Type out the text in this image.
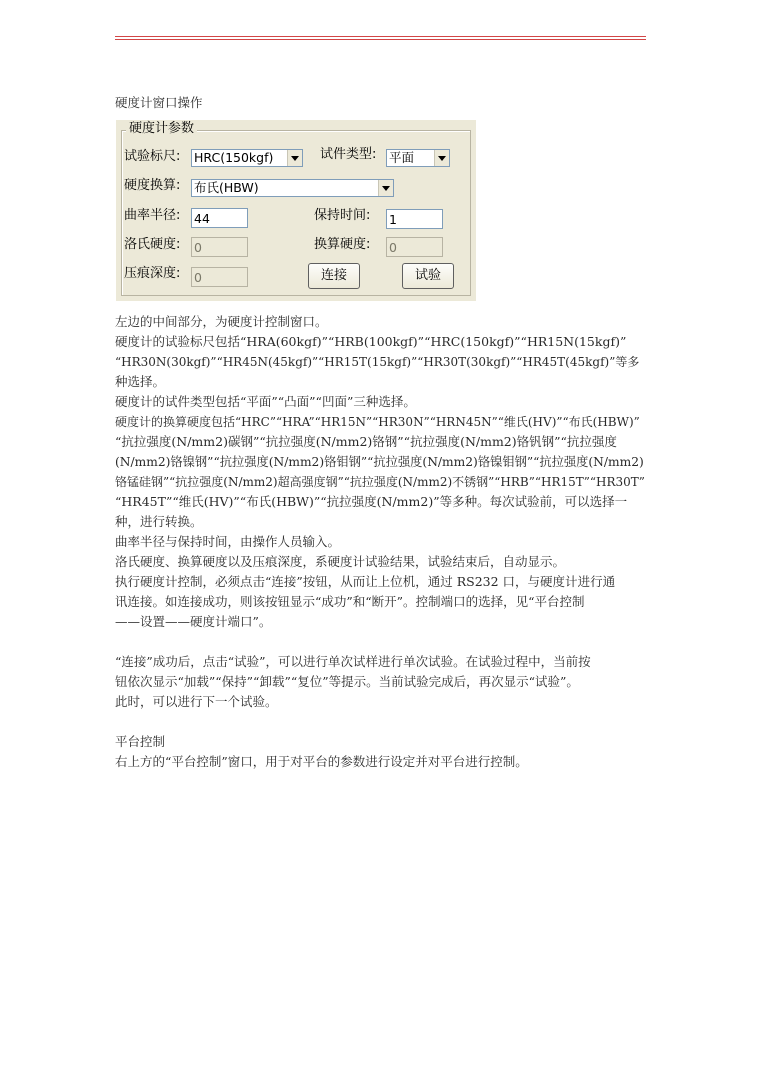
硬度计窗口操作
硬度计参数
试验标尺: HRC(150kgf)	试件类型: 平面
硬度换算: 布氏(HBW)
曲率半径: 44	保持时间: 1
洛氏硬度: 0	换算硬度: 0
压痕深度: 0	连接	试验
左边的中间部分，为硬度计控制窗口。
硬度计的试验标尺包括“HRA(60kgf)”“HRB(100kgf)”“HRC(150kgf)”“HR15N(15kgf)”
“HR30N(30kgf)”“HR45N(45kgf)”“HR15T(15kgf)”“HR30T(30kgf)”“HR45T(45kgf)”等多
种选择。
硬度计的试件类型包括“平面”“凸面”“凹面”三种选择。
硬度计的换算硬度包括“HRC”“HRA”“HR15N”“HR30N”“HRN45N”“维氏(HV)”“布氏(HBW)”
“抗拉强度(N/mm2)碳钢”“抗拉强度(N/mm2)铬钢”“抗拉强度(N/mm2)铬钒钢”“抗拉强度
(N/mm2)铬镍钢”“抗拉强度(N/mm2)铬钼钢”“抗拉强度(N/mm2)铬镍钼钢”“抗拉强度(N/mm2)
铬锰硅钢”“抗拉强度(N/mm2)超高强度钢”“抗拉强度(N/mm2)不锈钢”“HRB”“HR15T”“HR30T”
“HR45T”“维氏(HV)”“布氏(HBW)”“抗拉强度(N/mm2)”等多种。每次试验前，可以选择一
种，进行转换。
曲率半径与保持时间，由操作人员输入。
洛氏硬度、换算硬度以及压痕深度，系硬度计试验结果，试验结束后，自动显示。
执行硬度计控制，必须点击“连接”按钮，从而让上位机，通过 RS232 口，与硬度计进行通
讯连接。如连接成功，则该按钮显示“成功”和“断开”。控制端口的选择，见“平台控制
——设置——硬度计端口”。
“连接”成功后，点击“试验”，可以进行单次试样进行单次试验。在试验过程中，当前按
钮依次显示“加载”“保持”“卸载”“复位”等提示。当前试验完成后，再次显示“试验”。
此时，可以进行下一个试验。
平台控制
右上方的“平台控制”窗口，用于对平台的参数进行设定并对平台进行控制。
